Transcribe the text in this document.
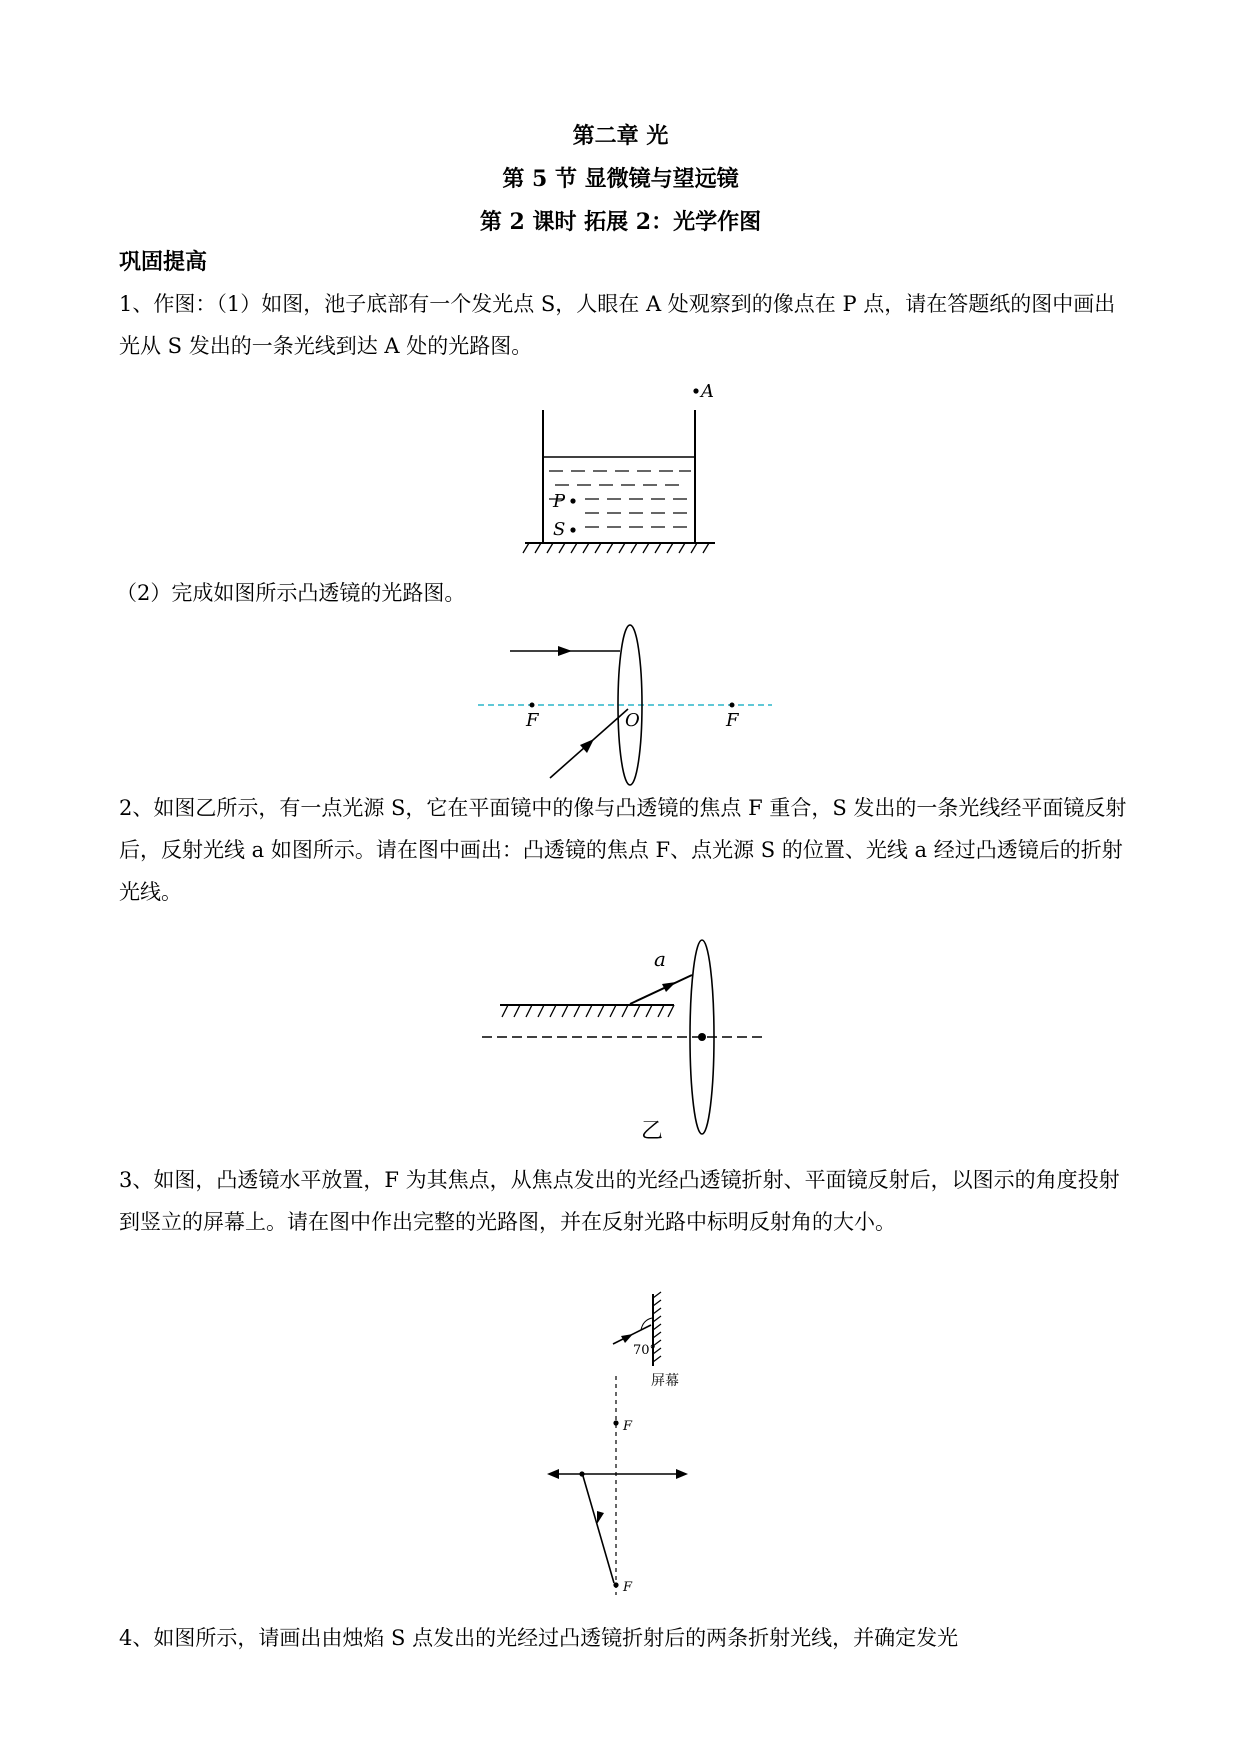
第二章 光
第 5 节 显微镜与望远镜
第 2 课时 拓展 2：光学作图
巩固提高
1、作图：（1）如图，池子底部有一个发光点 S，人眼在 A 处观察到的像点在 P 点，请在答题纸的图中画出光从 S 发出的一条光线到达 A 处的光路图。
A
P
S
（2）完成如图所示凸透镜的光路图。
F	O	F
2、如图乙所示，有一点光源 S，它在平面镜中的像与凸透镜的焦点 F 重合，S 发出的一条光线经平面镜反射后，反射光线 a 如图所示。请在图中画出：凸透镜的焦点 F、点光源 S 的位置、光线 a 经过凸透镜后的折射光线。
a
乙
3、如图，凸透镜水平放置，F 为其焦点，从焦点发出的光经凸透镜折射、平面镜反射后，以图示的角度投射到竖立的屏幕上。请在图中作出完整的光路图，并在反射光路中标明反射角的大小。
70°
屏幕
F
F
4、如图所示，请画出由烛焰 S 点发出的光经过凸透镜折射后的两条折射光线，并确定发光
